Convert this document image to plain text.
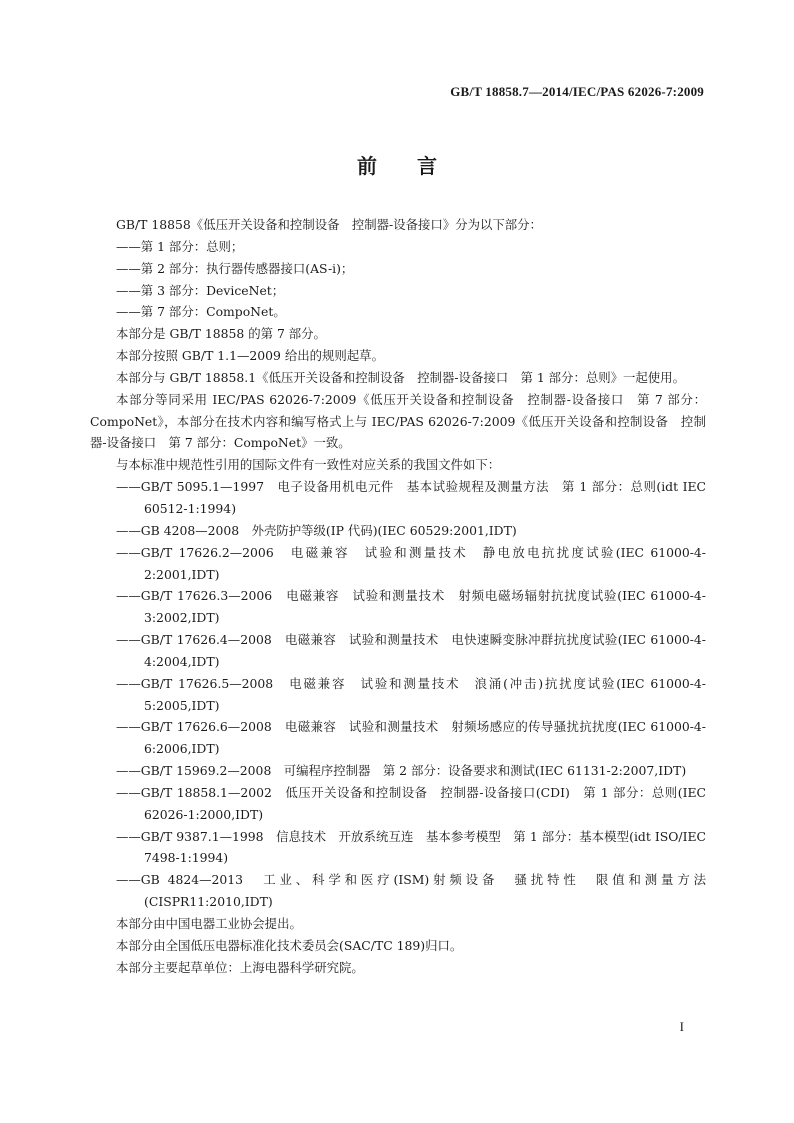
GB/T 18858.7—2014/IEC/PAS 62026-7:2009
前言

GB/T 18858《低压开关设备和控制设备　控制器-设备接口》分为以下部分：

——第 1 部分：总则；

——第 2 部分：执行器传感器接口(AS-i)；

——第 3 部分：DeviceNet；

——第 7 部分：CompoNet。

本部分是 GB/T 18858 的第 7 部分。

本部分按照 GB/T 1.1—2009 给出的规则起草。

本部分与 GB/T 18858.1《低压开关设备和控制设备　控制器-设备接口　第 1 部分：总则》一起使用。

本部分等同采用 IEC/PAS 62026-7:2009《低压开关设备和控制设备　控制器-设备接口　第 7 部分：CompoNet》，本部分在技术内容和编写格式上与 IEC/PAS 62026-7:2009《低压开关设备和控制设备　控制器-设备接口　第 7 部分：CompoNet》一致。

与本标准中规范性引用的国际文件有一致性对应关系的我国文件如下：

——GB/T 5095.1—1997　电子设备用机电元件　基本试验规程及测量方法　第 1 部分：总则(idt IEC 60512-1:1994)

——GB 4208—2008　外壳防护等级(IP 代码)(IEC 60529:2001,IDT)

——GB/T 17626.2—2006　电磁兼容　试验和测量技术　静电放电抗扰度试验(IEC 61000-4-2:2001,IDT)

——GB/T 17626.3—2006　电磁兼容　试验和测量技术　射频电磁场辐射抗扰度试验(IEC 61000-4-3:2002,IDT)

——GB/T 17626.4—2008　电磁兼容　试验和测量技术　电快速瞬变脉冲群抗扰度试验(IEC 61000-4-4:2004,IDT)

——GB/T 17626.5—2008　电磁兼容　试验和测量技术　浪涌(冲击)抗扰度试验(IEC 61000-4-5:2005,IDT)

——GB/T 17626.6—2008　电磁兼容　试验和测量技术　射频场感应的传导骚扰抗扰度(IEC 61000-4-6:2006,IDT)

——GB/T 15969.2—2008　可编程序控制器　第 2 部分：设备要求和测试(IEC 61131-2:2007,IDT)

——GB/T 18858.1—2002　低压开关设备和控制设备　控制器-设备接口(CDI)　第 1 部分：总则(IEC 62026-1:2000,IDT)

——GB/T 9387.1—1998　信息技术　开放系统互连　基本参考模型　第 1 部分：基本模型(idt ISO/IEC 7498-1:1994)

——GB 4824—2013　工业、科学和医疗(ISM)射频设备　骚扰特性　限值和测量方法(CISPR11:2010,IDT)

本部分由中国电器工业协会提出。

本部分由全国低压电器标准化技术委员会(SAC/TC 189)归口。

本部分主要起草单位：上海电器科学研究院。

I
